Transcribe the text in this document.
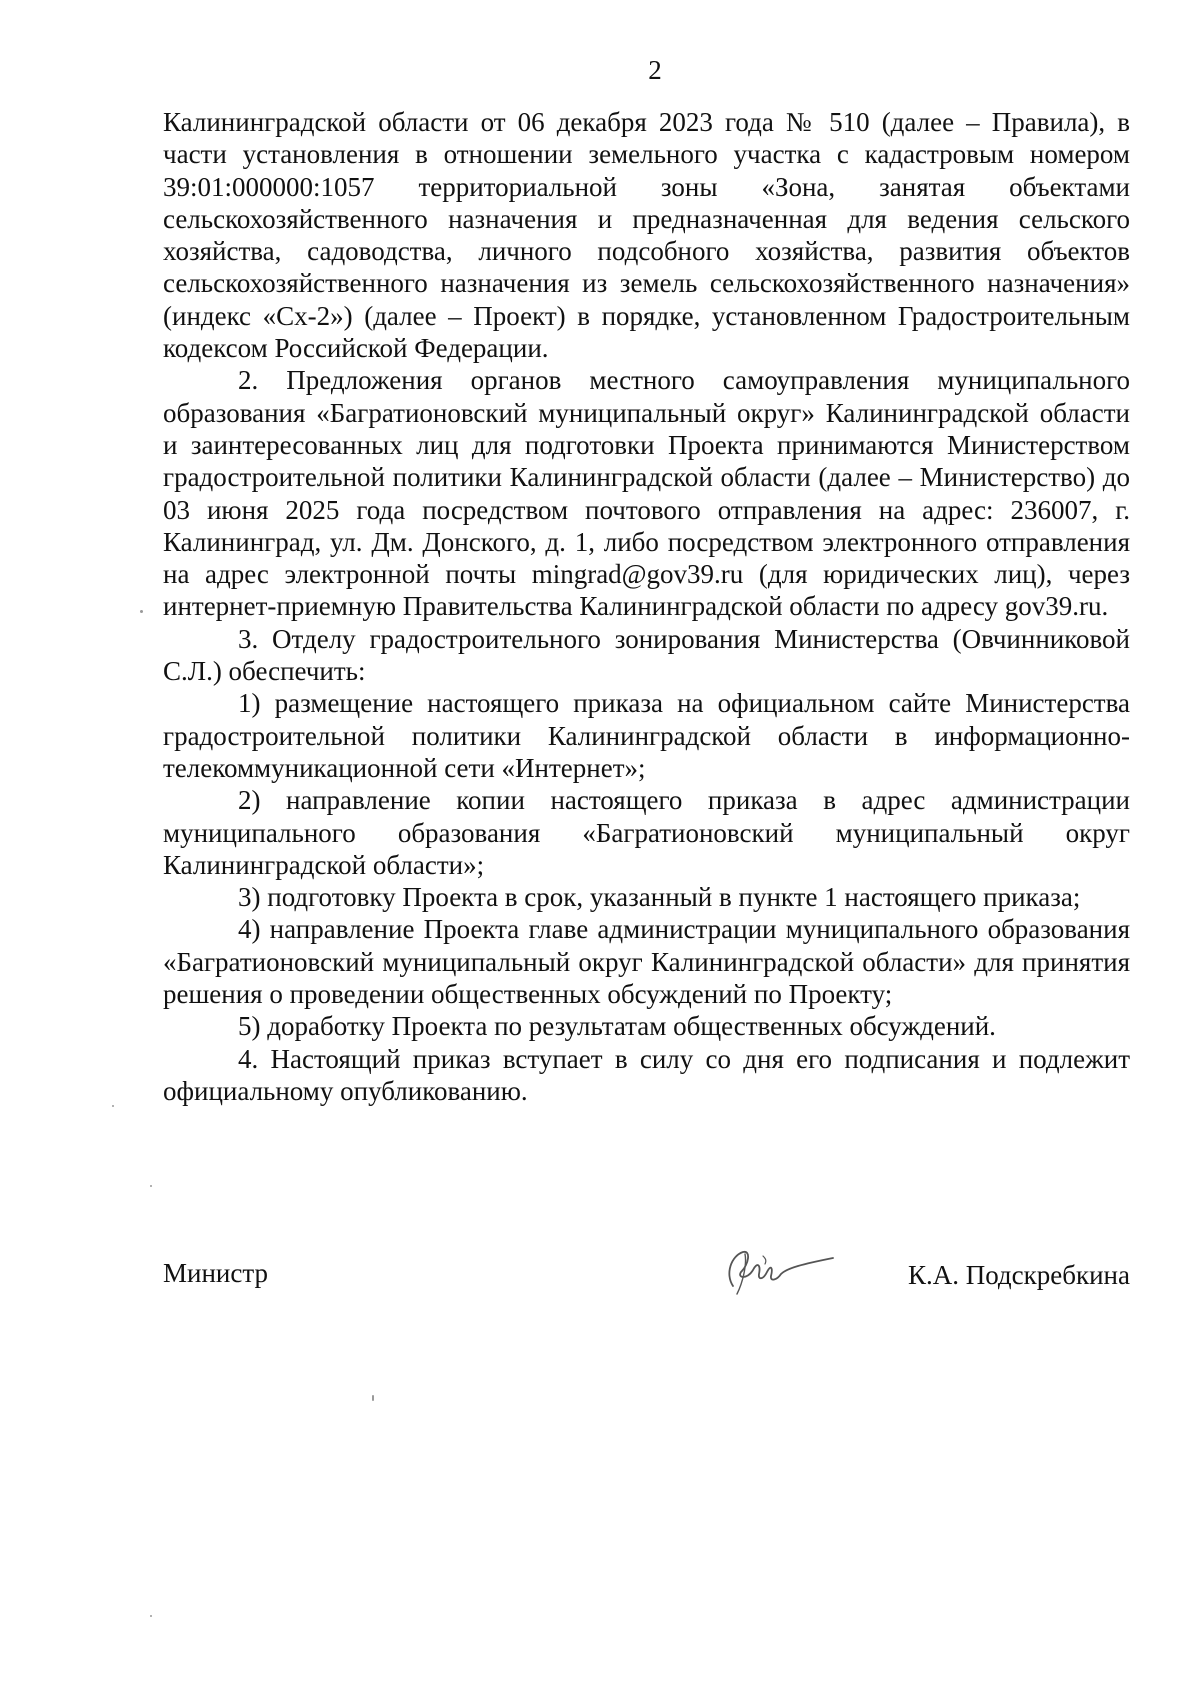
2

Калининградской области от 06 декабря 2023 года № 510 (далее – Правила), в части установления в отношении земельного участка с кадастровым номером 39:01:000000:1057 территориальной зоны «Зона, занятая объектами сельскохозяйственного назначения и предназначенная для ведения сельского хозяйства, садоводства, личного подсобного хозяйства, развития объектов сельскохозяйственного назначения из земель сельскохозяйственного назначения» (индекс «Сх-2») (далее – Проект) в порядке, установленном Градостроительным кодексом Российской Федерации.

2. Предложения органов местного самоуправления муниципального образования «Багратионовский муниципальный округ» Калининградской области и заинтересованных лиц для подготовки Проекта принимаются Министерством градостроительной политики Калининградской области (далее – Министерство) до 03 июня 2025 года посредством почтового отправления на адрес: 236007, г. Калининград, ул. Дм. Донского, д. 1, либо посредством электронного отправления на адрес электронной почты mingrad@gov39.ru (для юридических лиц), через интернет-приемную Правительства Калининградской области по адресу gov39.ru.

3. Отделу градостроительного зонирования Министерства (Овчинниковой С.Л.) обеспечить:

1) размещение настоящего приказа на официальном сайте Министерства градостроительной политики Калининградской области в информационно-телекоммуникационной сети «Интернет»;

2) направление копии настоящего приказа в адрес администрации муниципального образования «Багратионовский муниципальный округ Калининградской области»;

3) подготовку Проекта в срок, указанный в пункте 1 настоящего приказа;

4) направление Проекта главе администрации муниципального образования «Багратионовский муниципальный округ Калининградской области» для принятия решения о проведении общественных обсуждений по Проекту;

5) доработку Проекта по результатам общественных обсуждений.

4. Настоящий приказ вступает в силу со дня его подписания и подлежит официальному опубликованию.

Министр	К.А. Подскребкина
